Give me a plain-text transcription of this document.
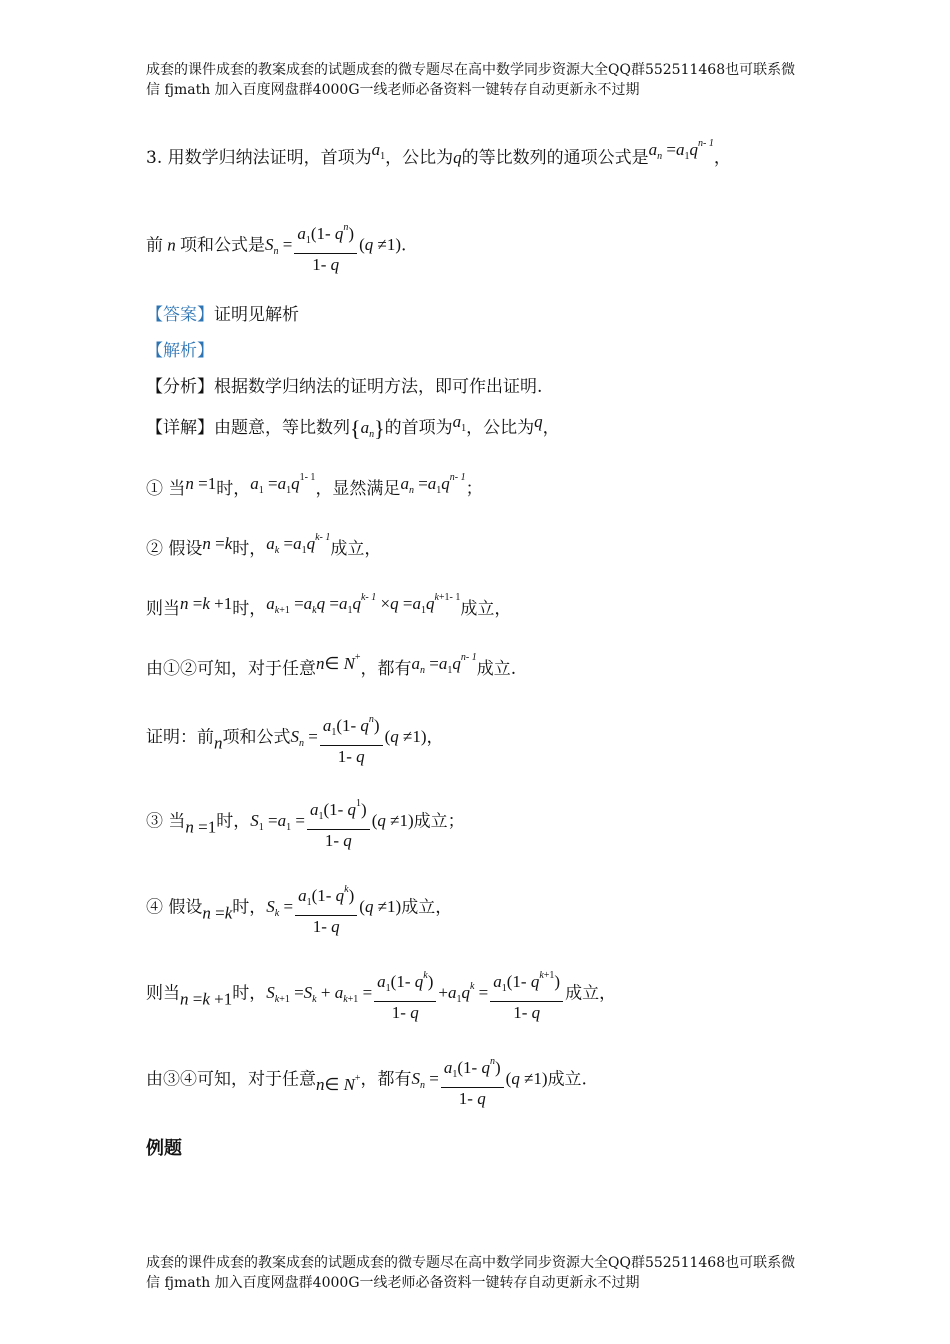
成套的课件成套的教案成套的试题成套的微专题尽在高中数学同步资源大全QQ群552511468也可联系微
信 fjmath 加入百度网盘群4000G一线老师必备资料一键转存自动更新永不过期
3. 用数学归纳法证明，首项为$a_1$，公比为q的等比数列的通项公式是$a_n =a_1q^{n- 1}$，
前 n 项和公式是$S_n = \frac{a_1(1- q^n)}{1- q} (q \ne 1)$.
【答案】证明见解析
【解析】
【分析】根据数学归纳法的证明方法，即可作出证明.
【详解】由题意，等比数列$\{a_n\}$的首项为$a_1$，公比为q，
① 当n =1时，$a_1 =a_1q^{1- 1}$，显然满足$a_n =a_1q^{n- 1}$；
② 假设n =k时，$a_k =a_1q^{k- 1}$成立，
则当n =k +1时，$a_{k+1} =a_kq =a_1q^{k- 1} \times q =a_1q^{k+1- 1}$成立，
由①②可知，对于任意n∈ N+，都有$a_n =a_1q^{n- 1}$成立.
证明：前n项和公式$S_n = \frac{a_1(1- q^n)}{1- q} (q \ne 1)$，
③ 当n =1时，$S_1 =a_1 = \frac{a_1(1- q^1)}{1- q} (q \ne 1)$成立；
④ 假设n =k时，$S_k = \frac{a_1(1- q^k)}{1- q} (q \ne 1)$成立，
则当n =k +1时，$S_{k+1} =S_k + a_{k+1} = \frac{a_1(1- q^k)}{1- q} +a_1q^k = \frac{a_1(1- q^{k+1})}{1- q}$ 成立，
由③④可知，对于任意n∈ N+，都有$S_n = \frac{a_1(1- q^n)}{1- q} (q \ne 1)$成立.
例题
成套的课件成套的教案成套的试题成套的微专题尽在高中数学同步资源大全QQ群552511468也可联系微
信 fjmath 加入百度网盘群4000G一线老师必备资料一键转存自动更新永不过期
